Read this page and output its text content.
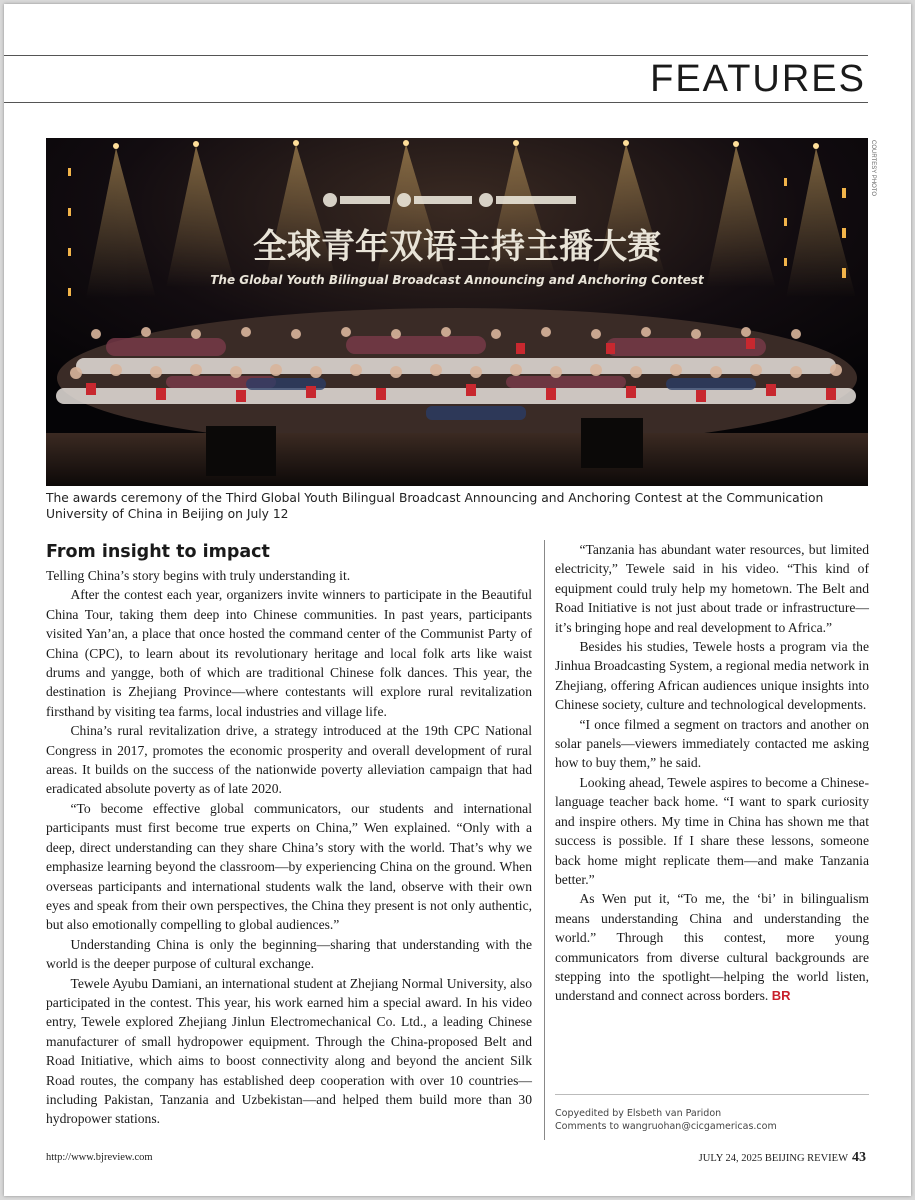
FEATURES
全球青年双语主持主播大赛
The Global Youth Bilingual Broadcast Announcing and Anchoring Contest
COURTESY PHOTO
The awards ceremony of the Third Global Youth Bilingual Broadcast Announcing and Anchoring Contest at the Communication University of China in Beijing on July 12
From insight to impact

Telling China’s story begins with truly understanding it.

After the contest each year, organizers invite winners to participate in the Beautiful China Tour, taking them deep into Chinese communities. In past years, participants visited Yan’an, a place that once hosted the command center of the Communist Party of China (CPC), to learn about its revolutionary heritage and local folk arts like waist drums and yangge, both of which are traditional Chinese folk dances. This year, the destination is Zhejiang Province—where contestants will explore rural revitalization firsthand by visiting tea farms, local industries and village life.

China’s rural revitalization drive, a strategy introduced at the 19th CPC National Congress in 2017, promotes the economic prosperity and overall development of rural areas. It builds on the success of the nationwide poverty alleviation campaign that had eradicated absolute poverty as of late 2020.

“To become effective global communicators, our students and international participants must first become true experts on China,” Wen explained. “Only with a deep, direct understanding can they share China’s story with the world. That’s why we emphasize learning beyond the classroom—by experiencing China on the ground. When overseas participants and international students walk the land, observe with their own eyes and speak from their own perspectives, the China they present is not only authentic, but also emotionally compelling to global audiences.”

Understanding China is only the beginning—sharing that understanding with the world is the deeper purpose of cultural exchange.

Tewele Ayubu Damiani, an international student at Zhejiang Normal University, also participated in the contest. This year, his work earned him a special award. In his video entry, Tewele explored Zhejiang Jinlun Electromechanical Co. Ltd., a leading Chinese manufacturer of small hydropower equipment. Through the China-proposed Belt and Road Initiative, which aims to boost connectivity along and beyond the ancient Silk Road routes, the company has established deep cooperation with over 10 countries—including Pakistan, Tanzania and Uzbekistan—and helped them build more than 30 hydropower stations.

“Tanzania has abundant water resources, but limited electricity,” Tewele said in his video. “This kind of equipment could truly help my hometown. The Belt and Road Initiative is not just about trade or infrastructure—it’s bringing hope and real development to Africa.”

Besides his studies, Tewele hosts a program via the Jinhua Broadcasting System, a regional media network in Zhejiang, offering African audiences unique insights into Chinese society, culture and technological developments.

“I once filmed a segment on tractors and another on solar panels—viewers immediately contacted me asking how to buy them,” he said.

Looking ahead, Tewele aspires to become a Chinese-language teacher back home. “I want to spark curiosity and inspire others. My time in China has shown me that success is possible. If I share these lessons, someone back home might replicate them—and make Tanzania better.”

As Wen put it, “To me, the ‘bi’ in bilingualism means understanding China and understanding the world.” Through this contest, more young communicators from diverse cultural backgrounds are stepping into the spotlight—helping the world listen, understand and connect across borders. BR

Copyedited by Elsbeth van Paridon
Comments to wangruohan@cicgamericas.com
http://www.bjreview.com	JULY 24, 2025 BEIJING REVIEW 43
